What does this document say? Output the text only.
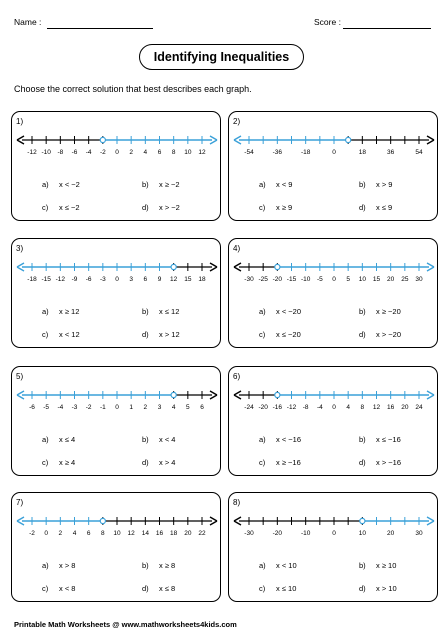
Name :	Score :
Identifying Inequalities
Choose the correct solution that best describes each graph.
1)
-12 -10 -8 -6 -4 -2 0 2 4 6 8 10 12
a) x < −2	b) x ≥ −2
c) x ≤ −2	d) x > −2
2)
-54	-36	-18	0	18	36	54
a) x < 9	b) x > 9
c) x ≥ 9	d) x ≤ 9
3)
-18 -15 -12 -9 -6 -3 0 3 6 9 12 15 18
a) x ≥ 12	b) x ≤ 12
c) x < 12	d) x > 12
4)
-30 -25 -20 -15 -10 -5 0 5 10 15 20 25 30
a) x < −20	b) x ≥ −20
c) x ≤ −20	d) x > −20
5)
-6 -5 -4 -3 -2 -1 0 1 2 3 4 5 6
a) x ≤ 4	b) x < 4
c) x ≥ 4	d) x > 4
6)
-24 -20 -16 -12 -8 -4 0 4 8 12 16 20 24
a) x < −16	b) x ≤ −16
c) x ≥ −16	d) x > −16
7)
-2 0 2 4 6 8 10 12 14 16 18 20 22
a) x > 8	b) x ≥ 8
c) x < 8	d) x ≤ 8
8)
-30	-20	-10	0	10	20	30
a) x < 10	b) x ≥ 10
c) x ≤ 10	d) x > 10
Printable Math Worksheets @ www.mathworksheets4kids.com
